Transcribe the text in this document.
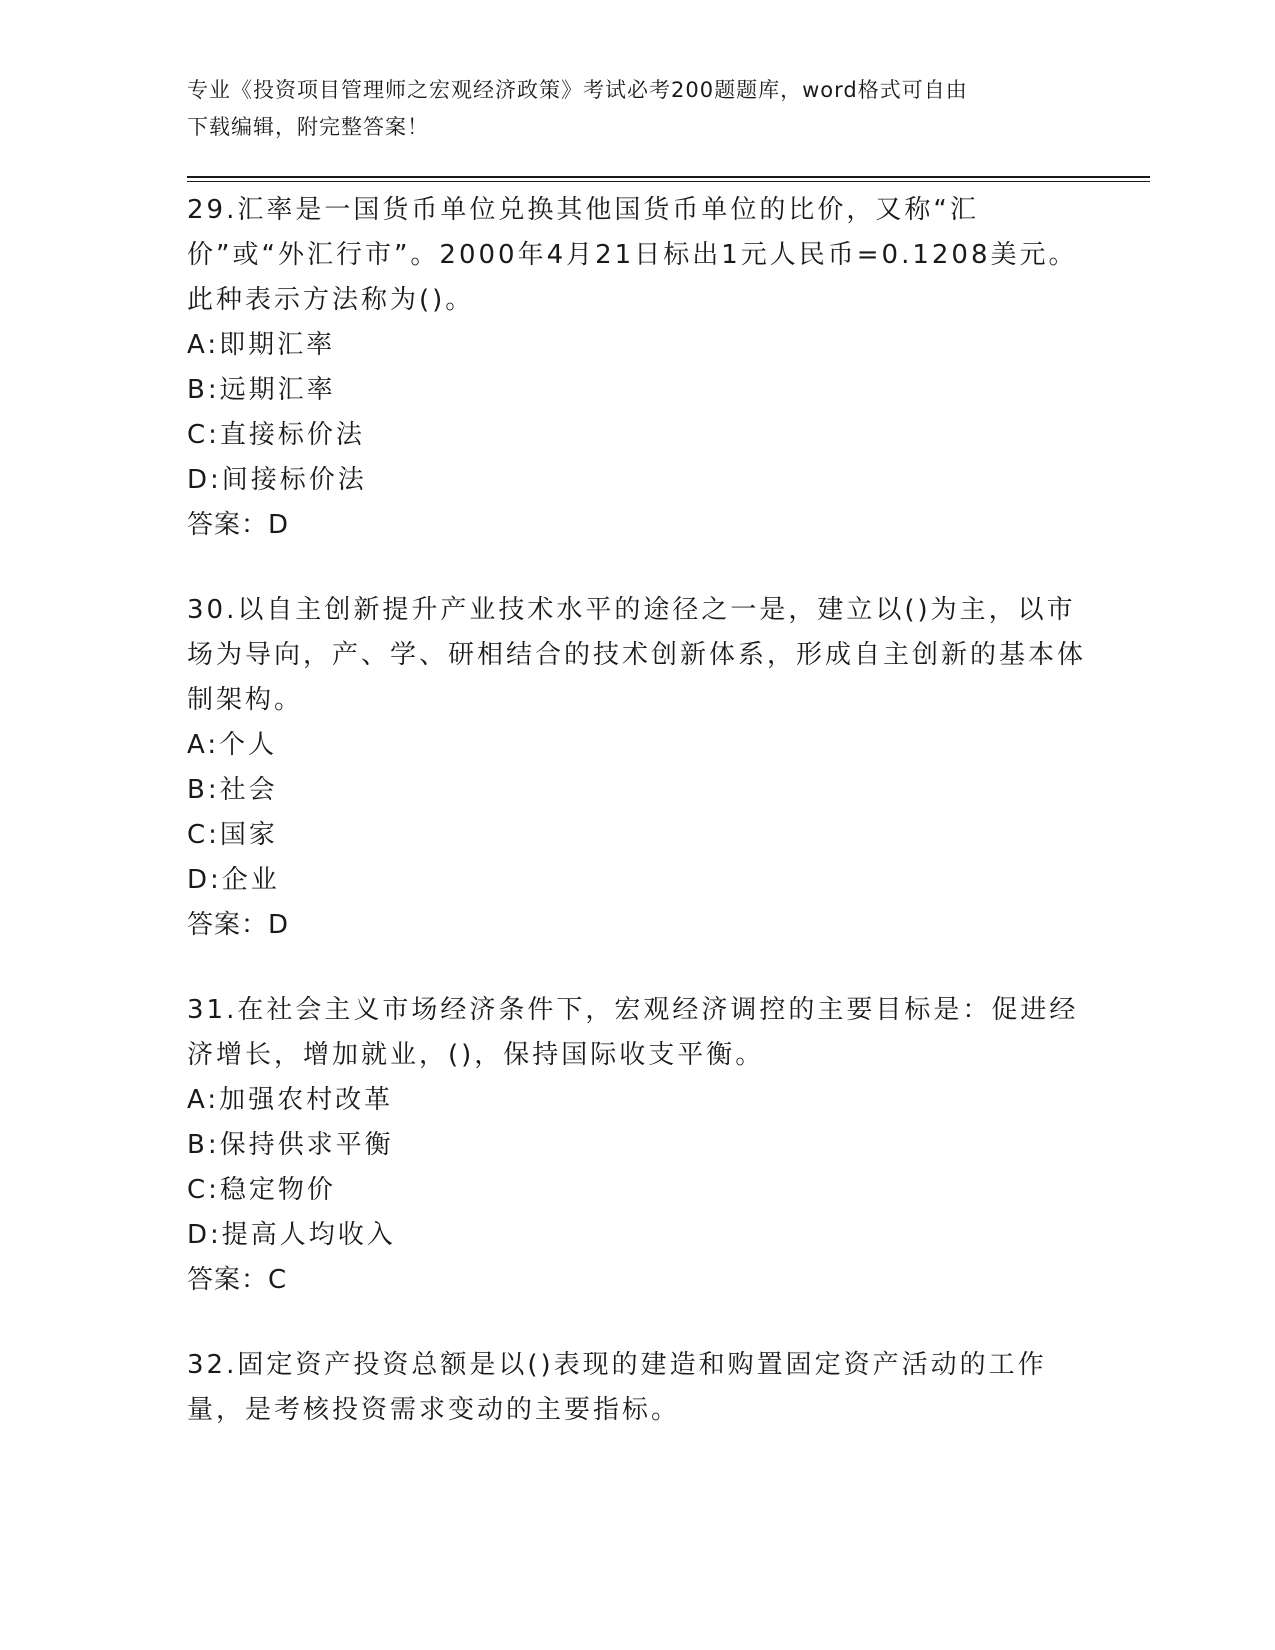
专业《投资项目管理师之宏观经济政策》考试必考200题题库，word格式可自由
下载编辑，附完整答案！
29.汇率是一国货币单位兑换其他国货币单位的比价，又称“汇价”或“外汇行市”。2000年4月21日标出1元人民币=0.1208美元。此种表示方法称为()。
A:即期汇率
B:远期汇率
C:直接标价法
D:间接标价法
答案：D
30.以自主创新提升产业技术水平的途径之一是，建立以()为主，以市场为导向，产、学、研相结合的技术创新体系，形成自主创新的基本体制架构。
A:个人
B:社会
C:国家
D:企业
答案：D
31.在社会主义市场经济条件下，宏观经济调控的主要目标是：促进经济增长，增加就业，()，保持国际收支平衡。
A:加强农村改革
B:保持供求平衡
C:稳定物价
D:提高人均收入
答案：C
32.固定资产投资总额是以()表现的建造和购置固定资产活动的工作量，是考核投资需求变动的主要指标。
